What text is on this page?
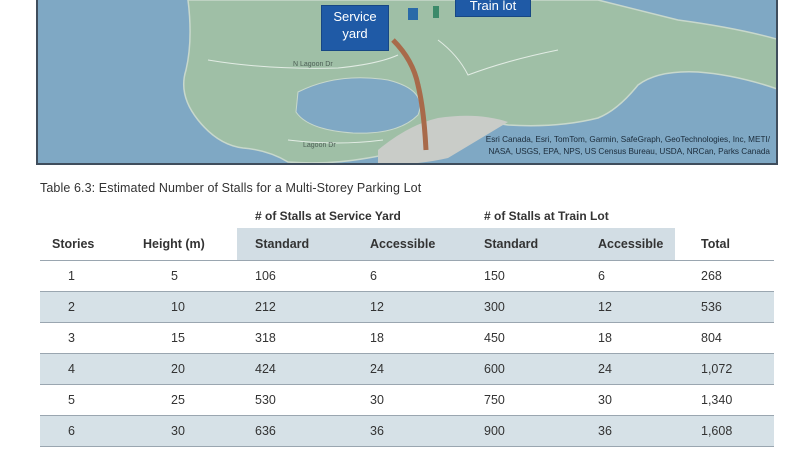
N Lagoon Dr
Lagoon Dr
Service yard
Train lot
Esri Canada, Esri, TomTom, Garmin, SafeGraph, GeoTechnologies, Inc, METI/
NASA, USGS, EPA, NPS, US Census Bureau, USDA, NRCan, Parks Canada
Table 6.3: Estimated Number of Stalls for a Multi-Storey Parking Lot
		# of Stalls at Service Yard		# of Stalls at Train Lot		
Stories	Height (m)	Standard	Accessible	Standard	Accessible	Total
1	5	106	6	150	6	268
2	10	212	12	300	12	536
3	15	318	18	450	18	804
4	20	424	24	600	24	1,072
5	25	530	30	750	30	1,340
6	30	636	36	900	36	1,608
